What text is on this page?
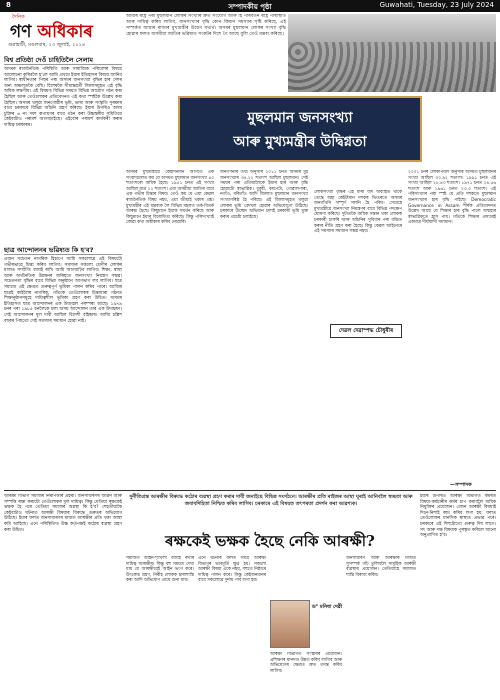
8	সম্পাদকীয় পৃষ্ঠা	Guwahati, Tuesday, 23 July 2024
দৈনিক
গণ অধিকাৰ
গুৱাহাটী, মঙলবাৰ, ২৩ জুলাই, ২০২৪
আমাৰ ৰাষ্ট্ৰ পৰা মুছলমান লোকৰ সংখ্যাৰ দ্ৰুত সংযোগ আৰু হি পৰিবৰ্তন ৰাষ্ট্ৰ পৰিস্থিতি আৰু দায়িত্ব কৰিব লাগিব, জনসংখ্যাৰ বৃদ্ধি কোন কিমান সমস্যাৰ সৃষ্টি কৰিছে, এই সম্পৰ্কত আমাৰ ৰাজ্যৰ মুখ্যমন্ত্ৰীৰ উদ্বেগ যথাৰ্থ। অসমৰ মুছলমান লোকৰ সংখ্যা বৃদ্ধি হোৱাৰ ফলত অসমীয়া জাতিৰ ভৱিষ্যত সংকটৰ দিশে গৈ আছে বুলি তেওঁ মন্তব্য কৰিছে।
বিশ্ব প্ৰতিষ্ঠা দেওঁ চাহিতিলৈ সেলাম
অসমৰ ৰাজনৈতিক পৰিস্থিতি আৰু সামাজিক পৰিবেশৰ বিষয়ে আলোচনা কৰিবলৈ হ'লে আমি প্ৰথমে ইয়াৰ ইতিহাসৰ বিষয়ে জানিব লাগিব। স্বাধীনতাৰ পিছৰ পৰা অসমৰ জনসংখ্যা বৃদ্ধিৰ হাৰ দেশৰ অন্য অঞ্চলতকৈ বেছি। বিশেষকৈ সীমান্তৱৰ্তী জিলাসমূহত এই বৃদ্ধি অধিক লক্ষণীয়। এই বিষয়ত বিভিন্ন সময়ত বিভিন্ন আয়োগ গঠন কৰা হৈছিল আৰু তেওঁলোকৰ প্ৰতিবেদনত এই কথা স্পষ্টকৈ উল্লেখ কৰা হৈছিল। অসমৰ থলুৱা জনগোষ্ঠীৰ ভূমি, ভাষা আৰু সংস্কৃতি সুৰক্ষাৰ বাবে চৰকাৰে বিভিন্ন আঁচনি গ্ৰহণ কৰিছে। ইয়াৰ উপৰিও অসম চুক্তিৰ ৬ নং দফা ৰূপায়ণৰ বাবে গঠন কৰা উচ্চস্তৰীয় সমিতিয়ে কেইবাটাও পৰামৰ্শ আগবঢ়াইছে। এইবোৰ পৰামৰ্শ কাৰ্যকৰী কৰাৰ দায়িত্ব চৰকাৰৰ।
ছাত্ৰ আন্দোলনৰ ভৱিষ্যত কি হ'ব?
এজন সচেতন নাগৰিক হিচাপে আমি সকলোৱে এই বিষয়টো গভীৰভাৱে চিন্তা কৰিব লাগিব। সমাজৰ সকলো শ্ৰেণীৰ লোকৰ মাজত সম্প্ৰীতি বজাই ৰাখি আমি আগবাঢ়িব লাগিব। শিক্ষা, স্বাস্থ্য আৰু অৰ্থনৈতিক উন্নয়নৰ জৰিয়তে জনসংখ্যা নিয়ন্ত্ৰণ সম্ভৱ। সচেতনতা বৃদ্ধিৰ বাবে বিভিন্ন অনুষ্ঠানে আগভাগ লব লাগিব। ছাত্ৰ সমাজে এই ক্ষেত্ৰত গুৰুত্বপূৰ্ণ ভূমিকা পালন কৰিব পাৰে। আজিৰ ছাত্ৰই কাইলৈৰ নাগৰিক, গতিকে তেওঁলোকৰ চিন্তাধাৰা গঠনত শিক্ষানুষ্ঠানসমূহে দায়িত্বশীল ভূমিকা গ্ৰহণ কৰা উচিত। অসমৰ ইতিহাসত ছাত্ৰ আন্দোলনৰ এক উজ্জ্বল পৰম্পৰা আছে। ১৯৭৯ চনৰ পৰা ১৯৮৫ চনলৈকে চলা অসম আন্দোলন তাৰ এক উদাহৰণ। সেই আন্দোলনৰ মূল দাবী আছিল বিদেশী বহিষ্কাৰ। আজি চল্লিশ বছৰৰ পিছতো সেই সমস্যাৰ সমাধান হোৱা নাই।
মুছলমান জনসংখ্যা
আৰু মুখ্যমন্ত্ৰীৰ উদ্বিগ্নতা
অসমৰ মুখ্যমন্ত্ৰীয়ে কেইদিনমান আগতে এক সংবাদমেলত কয় যে অসমত মুছলমান জনসংখ্যা ৪০ শতাংশৰো অধিক হৈছে। ১৯৫১ চনত এই সংখ্যা আছিল মাত্ৰ ১২ শতাংশ। এয়া অসমীয়া জাতিৰ বাবে এক গভীৰ চিন্তাৰ বিষয়। তেওঁ কয় যে এয়া কেৱল ৰাজনৈতিক বিষয় নহয়, এয়া জীয়াই থকাৰ প্ৰশ্ন। মুখ্যমন্ত্ৰীৰ এই মন্তব্যক লৈ বিভিন্ন মহলত তৰ্ক-বিতৰ্ক আৰম্ভ হৈছে। কিছুমানে ইয়াক সমৰ্থন কৰিছে আৰু কিছুমানে ইয়াৰ বিৰোধিতা কৰিছে। কিন্তু পৰিসংখ্যাই কোৱা কথা অস্বীকাৰ কৰিব নোৱাৰি।
জনগণনাৰ তথ্য অনুসৰি ২০১১ চনত অসমৰ মুঠ জনসংখ্যাৰ ৩৪.২২ শতাংশ আছিল মুছলমান। সেই সময়ৰ পৰা এতিয়ালৈকে ইয়াৰ হাৰ আৰু বৃদ্ধি হোৱাটো স্বাভাৱিক। ধুবুৰী, বৰপেটা, গোৱালপাৰা, নগাঁও, মৰিগাঁও আদি জিলাত মুছলমান জনসংখ্যা সংখ্যাগৰিষ্ঠ হৈ পৰিছে। এই জিলাসমূহত থলুৱা লোকৰ ভূমি বেদখল হোৱাৰ অভিযোগো উঠিছে। চৰকাৰে উচ্ছেদ অভিযান চলাই চৰকাৰী ভূমি মুক্ত কৰাৰ প্ৰচেষ্টা চলাইছে।
লোকসংখ্যা বৃদ্ধিৰ এই ধাৰা যদি অব্যাহত থাকে তেন্তে অহা কেইটামান দশকৰ ভিতৰতে অসমৰ জনগাঁথনি সম্পূৰ্ণ সলনি হৈ পৰিব। সেয়েহে মুখ্যমন্ত্ৰীয়ে জনসংখ্যা নিয়ন্ত্ৰণৰ বাবে বিভিন্ন পদক্ষেপ ঘোষণা কৰিছে। দুটাতকৈ অধিক সন্তান থকা লোকক চৰকাৰী চাকৰি আৰু আঁচনিৰ সুবিধাৰ পৰা বঞ্চিত কৰাৰ নীতি গ্ৰহণ কৰা হৈছে। কিন্তু কেৱল আইনেৰে এই সমস্যাৰ সমাধান সম্ভৱ নহয়।
২০০১ চনৰ লোকপিয়ল অনুসৰি অসমত মুছলমানৰ সংখ্যা আছিল ৩০.৯২ শতাংশ। ১৯৯১ চনত এই সংখ্যা আছিল ২৮.৪৩ শতাংশ। ১৯৭১ চনত ২৪.৫৬ শতাংশ আৰু ১৯৬১ চনত ২৩.৩ শতাংশ। এই পৰিসংখ্যাৰ পৰা স্পষ্ট যে প্ৰতি দশকতে মুছলমান জনসংখ্যাৰ হাৰ বৃদ্ধি পাইছে। Democratic Governance in Assam শীৰ্ষক প্ৰতিবেদনত উল্লেখ আছে যে শিক্ষাৰ হাৰ বৃদ্ধি পালে জন্মহাৰ স্বাভাৱিকতে হ্ৰাস পায়। গতিকে শিক্ষাৰ প্ৰসাৰেই একমাত্ৰ দীৰ্ঘম্যাদী সমাধান।
দেৱল দেৱাস্পদ্ধ চৌধুৰীৰ
—সম্পাদক
আৰক্ষী বিভাগ সমাজৰ নিৰাপত্তাৰ প্ৰহৰী। জনসাধাৰণৰ জীৱন আৰু সম্পত্তি ৰক্ষা কৰাটো তেওঁলোকৰ মূল দায়িত্ব। কিন্তু যেতিয়া ৰক্ষকেই ভক্ষক হৈ পৰে তেতিয়া সমাজৰ অৱস্থা কি হ'ব? শেহতীয়াকৈ কেইবাটাও ঘটনাত আৰক্ষী বিষয়াৰ বিৰুদ্ধে গুৰুতৰ অভিযোগ উঠিছে। ইয়াৰ ফলত জনসাধাৰণৰ মাজত আৰক্ষীৰ প্ৰতি থকা আস্থা কমি আহিছে। এনে পৰিস্থিতিত উচ্চ কৰ্তৃপক্ষই কঠোৰ ব্যৱস্থা গ্ৰহণ কৰা উচিত।
দুৰ্নীতিগ্ৰস্ত আৰক্ষীৰ বিৰুদ্ধে কঠোৰ ব্যৱস্থা গ্ৰহণ কৰাৰ দাবী জনাইছে বিভিন্ন সংগঠনে। আৰক্ষীৰ প্ৰতি ৰাইজৰ আস্থা ঘূৰাই আনিবলৈ স্বচ্ছতা আৰু জবাবদিহিতা নিশ্চিত কৰিব লাগিব। চৰকাৰে এই বিষয়ত তৎপৰতা প্ৰদৰ্শন কৰা আৱশ্যক।
ৰক্ষকেই ভক্ষক হৈছে নেকি আৰক্ষী?
সমাজত আইন-শৃংখলা বজাই ৰখাৰ দায়িত্ব আৰক্ষীৰ। কিন্তু বহু সময়ত দেখা যায় যে আৰক্ষীয়েই আইন ভংগ কৰে। উৎকোচ গ্ৰহণ, নিৰীহ লোকক হাৰাশাস্তি কৰা আদি অভিযোগ প্ৰায়ে শুনা যায়।
এনে ঘটনাৰ ফলত সমগ্ৰ আৰক্ষী বিভাগৰ ভাবমূৰ্তি ক্ষুণ্ণ হয়। সকলো আৰক্ষী বিষয়া একে নহয়, বহুতে নিষ্ঠাৰে দায়িত্ব পালন কৰে। কিন্তু কেইজনমানৰ বাবে সকলোৱে দুৰ্নাম পাব লগা হয়।
ড° মনিষা দেৱী
আৰক্ষী বিভাগত সংস্কাৰৰ প্ৰয়োজন। প্ৰশিক্ষণৰ মানদণ্ড উন্নত কৰিব লাগিব আৰু অভিযোগৰ ক্ষেত্ৰত দ্ৰুত তদন্ত কৰিব লাগিব।
জনসাধাৰণ আৰু আৰক্ষীৰ মাজত সুসম্পৰ্ক গঢ়ি তুলিবলৈ সামূহিক আৰক্ষী ব্যৱস্থাৰ প্ৰয়োজন। তেতিয়াহে সমাজত শান্তি বিৰাজ কৰিব।
ইয়াৰ উপৰিও আৰক্ষী বিভাগত কৰ্মৰত বিষয়া-কৰ্মচাৰীৰ কৰ্মৰ চাপ কমাবলৈ অধিক নিযুক্তিৰ প্ৰয়োজন। এজন আৰক্ষী বিষয়াই দিনে-নিশাই কাম কৰিব লগা হয়, ফলত তেওঁলোকৰ মানসিক স্বাস্থ্যত প্ৰভাৱ পৰে। চৰকাৰে এই দিশটোতো গুৰুত্ব দিব লাগে। সৎ আৰু দক্ষ বিষয়াক পুৰস্কৃত কৰিলে আনো অনুপ্ৰাণিত হ'ব।
